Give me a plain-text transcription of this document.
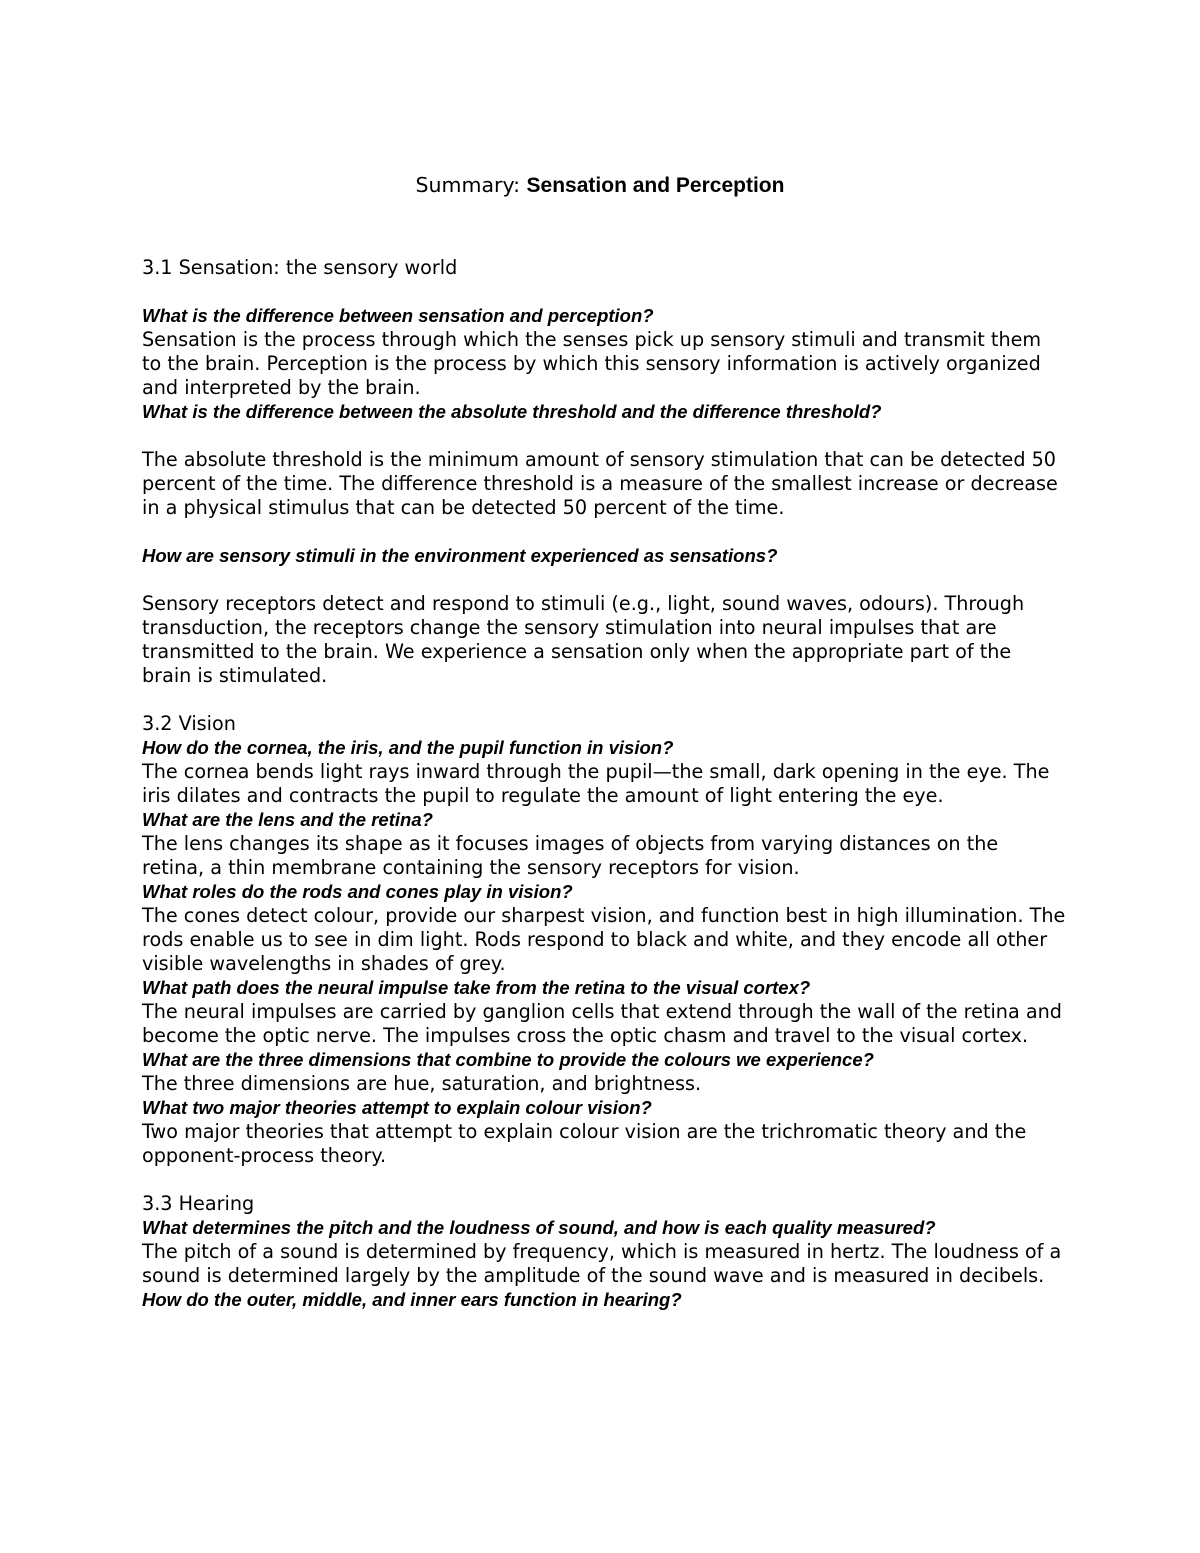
Summary: Sensation and Perception

3.1 Sensation: the sensory world

What is the difference between sensation and perception?

Sensation is the process through which the senses pick up sensory stimuli and transmit them to the brain. Perception is the process by which this sensory information is actively organized and interpreted by the brain.

What is the difference between the absolute threshold and the difference threshold?

The absolute threshold is the minimum amount of sensory stimulation that can be detected 50 percent of the time. The difference threshold is a measure of the smallest increase or decrease in a physical stimulus that can be detected 50 percent of the time.

How are sensory stimuli in the environment experienced as sensations?

Sensory receptors detect and respond to stimuli (e.g., light, sound waves, odours). Through transduction, the receptors change the sensory stimulation into neural impulses that are transmitted to the brain. We experience a sensation only when the appropriate part of the brain is stimulated.

3.2 Vision

How do the cornea, the iris, and the pupil function in vision?

The cornea bends light rays inward through the pupil—the small, dark opening in the eye. The iris dilates and contracts the pupil to regulate the amount of light entering the eye.

What are the lens and the retina?

The lens changes its shape as it focuses images of objects from varying distances on the retina, a thin membrane containing the sensory receptors for vision.

What roles do the rods and cones play in vision?

The cones detect colour, provide our sharpest vision, and function best in high illumination. The rods enable us to see in dim light. Rods respond to black and white, and they encode all other visible wavelengths in shades of grey.

What path does the neural impulse take from the retina to the visual cortex?

The neural impulses are carried by ganglion cells that extend through the wall of the retina and become the optic nerve. The impulses cross the optic chasm and travel to the visual cortex.

What are the three dimensions that combine to provide the colours we experience?

The three dimensions are hue, saturation, and brightness.

What two major theories attempt to explain colour vision?

Two major theories that attempt to explain colour vision are the trichromatic theory and the opponent-process theory.

3.3 Hearing

What determines the pitch and the loudness of sound, and how is each quality measured?

The pitch of a sound is determined by frequency, which is measured in hertz. The loudness of a sound is determined largely by the amplitude of the sound wave and is measured in decibels.

How do the outer, middle, and inner ears function in hearing?
